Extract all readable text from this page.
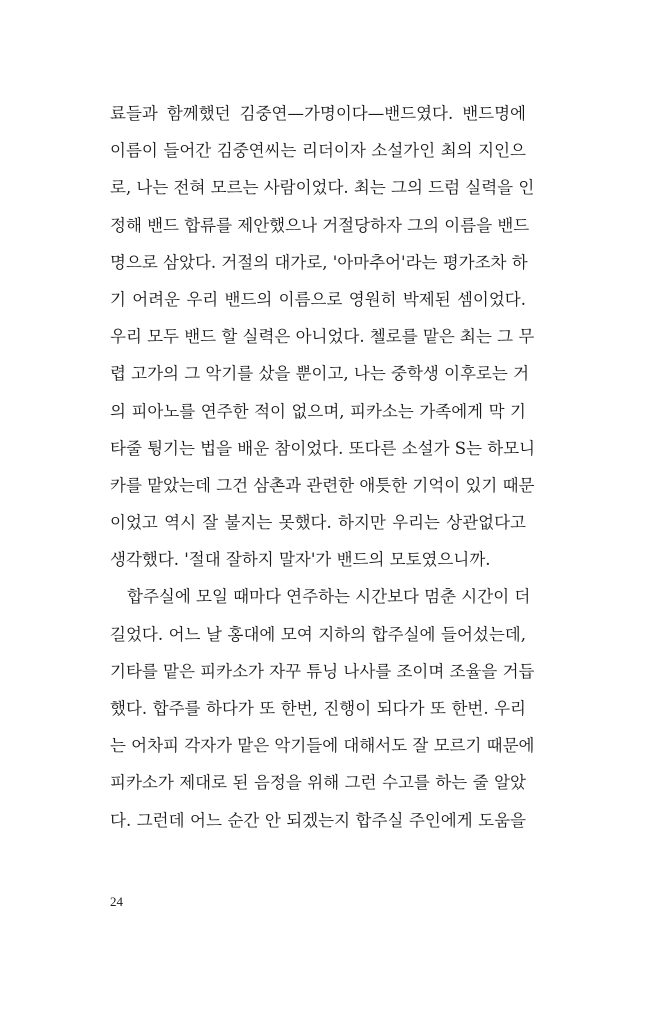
료들과 함께했던 김중연—가명이다—밴드였다. 밴드명에
이름이 들어간 김중연씨는 리더이자 소설가인 최의 지인으
로, 나는 전혀 모르는 사람이었다. 최는 그의 드럼 실력을 인
정해 밴드 합류를 제안했으나 거절당하자 그의 이름을 밴드
명으로 삼았다. 거절의 대가로, '아마추어'라는 평가조차 하
기 어려운 우리 밴드의 이름으로 영원히 박제된 셈이었다.
우리 모두 밴드 할 실력은 아니었다. 첼로를 맡은 최는 그 무
렵 고가의 그 악기를 샀을 뿐이고, 나는 중학생 이후로는 거
의 피아노를 연주한 적이 없으며, 피카소는 가족에게 막 기
타줄 튕기는 법을 배운 참이었다. 또다른 소설가 S는 하모니
카를 맡았는데 그건 삼촌과 관련한 애틋한 기억이 있기 때문
이었고 역시 잘 불지는 못했다. 하지만 우리는 상관없다고
생각했다. '절대 잘하지 말자'가 밴드의 모토였으니까.
합주실에 모일 때마다 연주하는 시간보다 멈춘 시간이 더
길었다. 어느 날 홍대에 모여 지하의 합주실에 들어섰는데,
기타를 맡은 피카소가 자꾸 튜닝 나사를 조이며 조율을 거듭
했다. 합주를 하다가 또 한번, 진행이 되다가 또 한번. 우리
는 어차피 각자가 맡은 악기들에 대해서도 잘 모르기 때문에
피카소가 제대로 된 음정을 위해 그런 수고를 하는 줄 알았
다. 그런데 어느 순간 안 되겠는지 합주실 주인에게 도움을
24
